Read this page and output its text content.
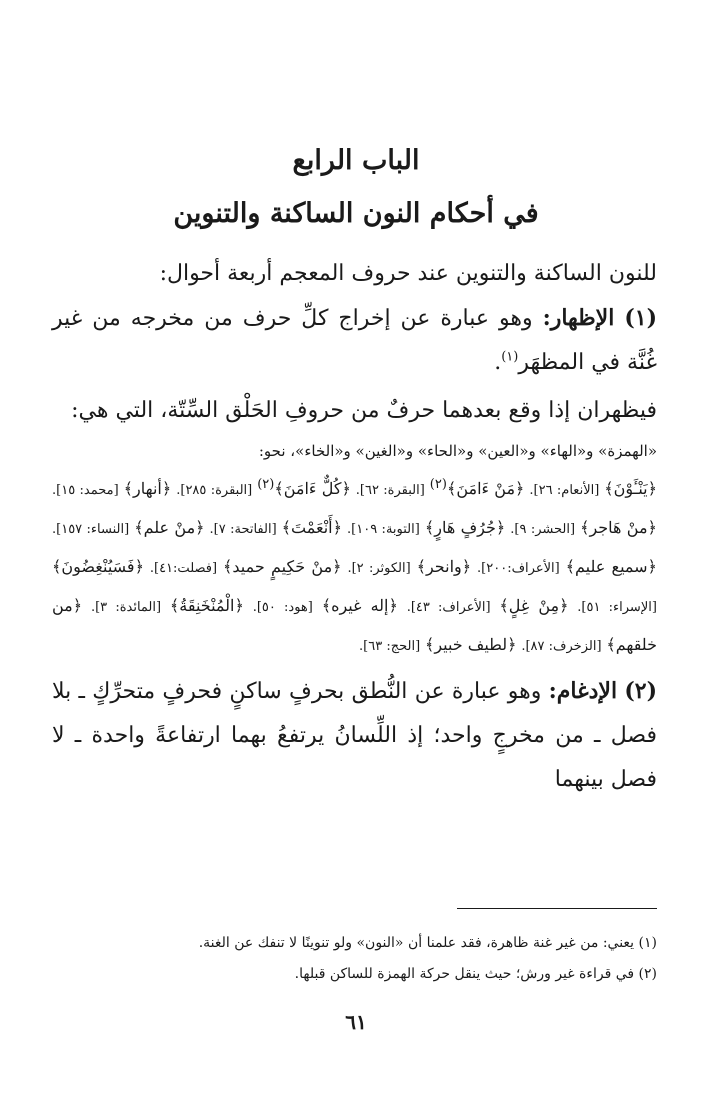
الباب الرابع
في أحكام النون الساكنة والتنوين

للنون الساكنة والتنوين عند حروف المعجم أربعة أحوال:

(١) الإظهار: وهو عبارة عن إخراج كلِّ حرف من مخرجه من غير غُنَّة في المظهَر$^{(١)}$.

فيظهران إذا وقع بعدهما حرفٌ من حروفِ الحَلْق السِّتّة، التي هي:

«الهمزة» و«الهاء» و«العين» و«الحاء» و«الغين» و«الخاء»، نحو:
﴿يَنْـَٔوْنَ﴾ [الأنعام: ٢٦]. ﴿مَنْ ءَامَنَ﴾(٢) [البقرة: ٦٢]. ﴿كُلٌّ ءَامَنَ﴾(٢) [البقرة: ٢٨٥]. ﴿أنهار﴾ [محمد: ١٥]. ﴿منْ هَاجر﴾ [الحشر: ٩]. ﴿جُرُفٍ هَارٍ﴾ [التوبة: ١٠٩]. ﴿أَنْعَمْتَ﴾ [الفاتحة: ٧]. ﴿منْ علم﴾ [النساء: ١٥٧]. ﴿سميع عليم﴾ [الأعراف:٢٠٠]. ﴿وانحر﴾ [الكوثر: ٢]. ﴿منْ حَكِيمٍ حميد﴾ [فصلت:٤١]. ﴿فَسَيُنْغِضُونَ﴾ [الإسراء: ٥١]. ﴿مِنْ غِلٍ﴾ [الأعراف: ٤٣]. ﴿إله غيره﴾ [هود: ٥٠]. ﴿الْمُنْخَنِقَةُ﴾ [المائدة: ٣]. ﴿من خلقهم﴾ [الزخرف: ٨٧]. ﴿لطيف خبير﴾ [الحج: ٦٣].

(٢) الإدغام: وهو عبارة عن النُّطق بحرفٍ ساكنٍ فحرفٍ متحرِّكٍ ـ بلا فصل ـ من مخرجٍ واحد؛ إذ اللِّسانُ يرتفعُ بهما ارتفاعةً واحدة ـ لا فصل بينهما

(١) يعني: من غير غنة ظاهرة، فقد علمنا أن «النون» ولو تنوينًا لا تنفك عن الغنة.

(٢) في قراءة غير ورش؛ حيث ينقل حركة الهمزة للساكن قبلها.

٦١
